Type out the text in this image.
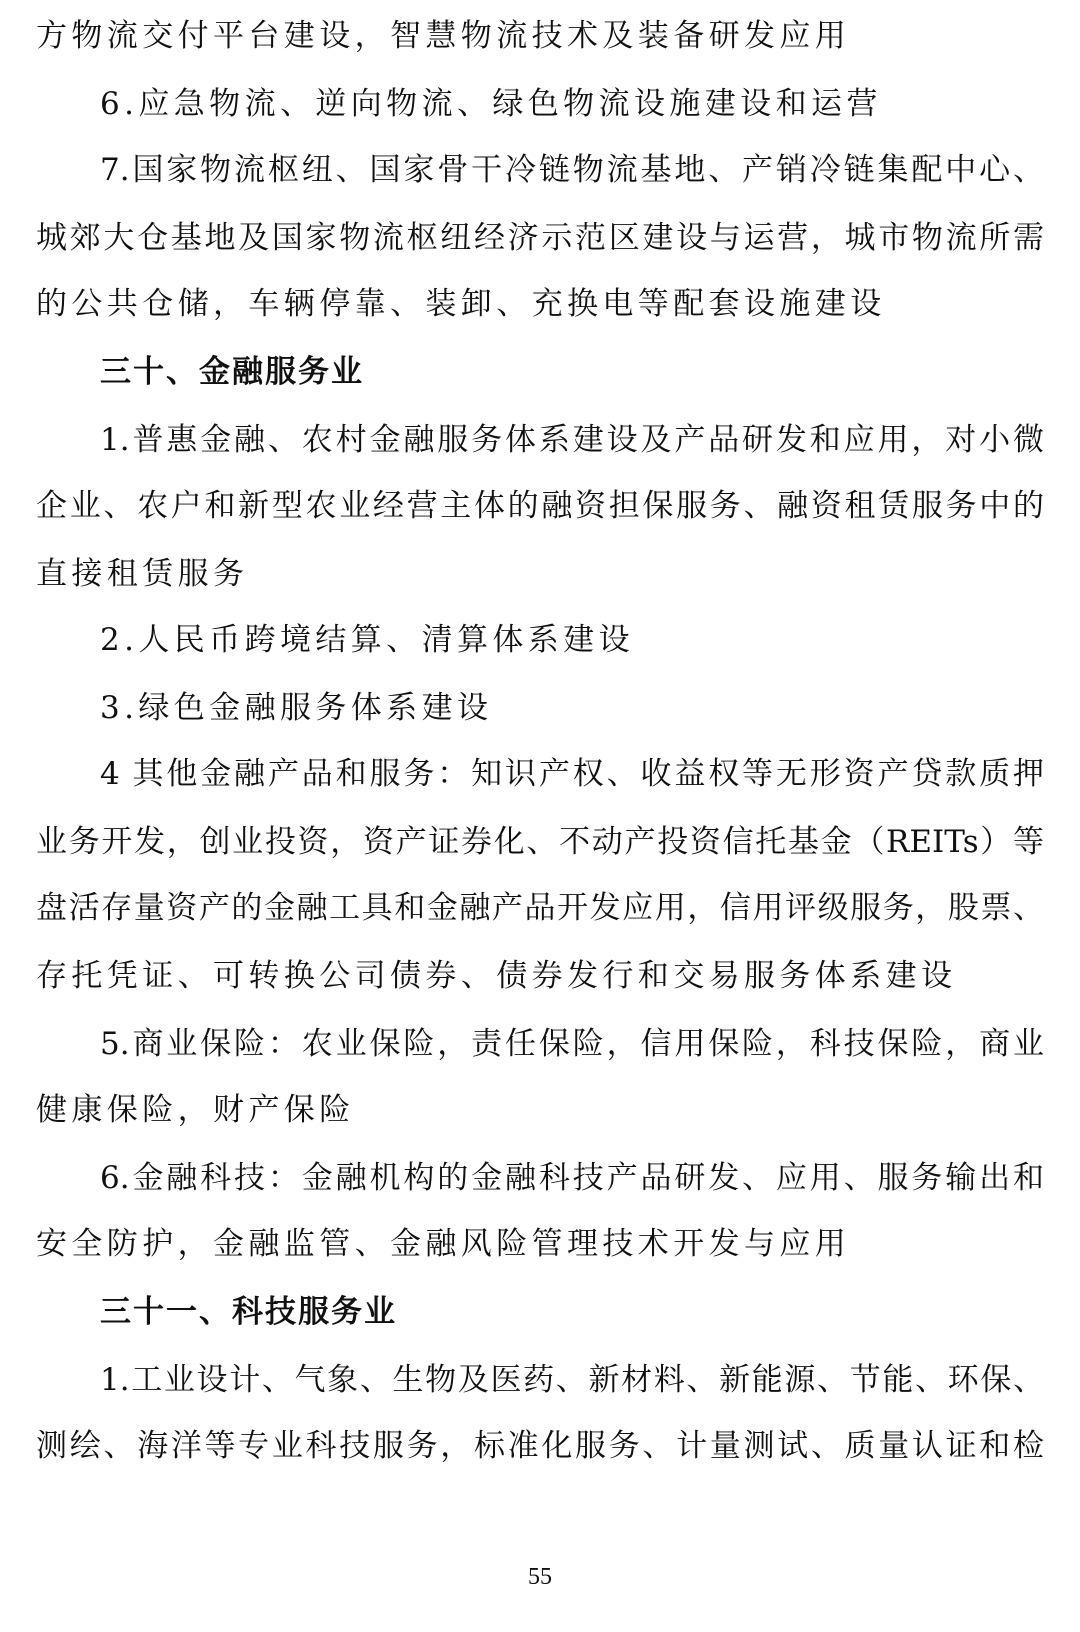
方物流交付平台建设，智慧物流技术及装备研发应用
6.应急物流、逆向物流、绿色物流设施建设和运营
7.国家物流枢纽、国家骨干冷链物流基地、产销冷链集配中心、
城郊大仓基地及国家物流枢纽经济示范区建设与运营，城市物流所需
的公共仓储，车辆停靠、装卸、充换电等配套设施建设
三十、金融服务业
1.普惠金融、农村金融服务体系建设及产品研发和应用，对小微
企业、农户和新型农业经营主体的融资担保服务、融资租赁服务中的
直接租赁服务
2.人民币跨境结算、清算体系建设
3.绿色金融服务体系建设
4 其他金融产品和服务：知识产权、收益权等无形资产贷款质押
业务开发，创业投资，资产证券化、不动产投资信托基金（REITs）等
盘活存量资产的金融工具和金融产品开发应用，信用评级服务，股票、
存托凭证、可转换公司债券、债券发行和交易服务体系建设
5.商业保险：农业保险，责任保险，信用保险，科技保险，商业
健康保险，财产保险
6.金融科技：金融机构的金融科技产品研发、应用、服务输出和
安全防护，金融监管、金融风险管理技术开发与应用
三十一、科技服务业
1.工业设计、气象、生物及医药、新材料、新能源、节能、环保、
测绘、海洋等专业科技服务，标准化服务、计量测试、质量认证和检
55
